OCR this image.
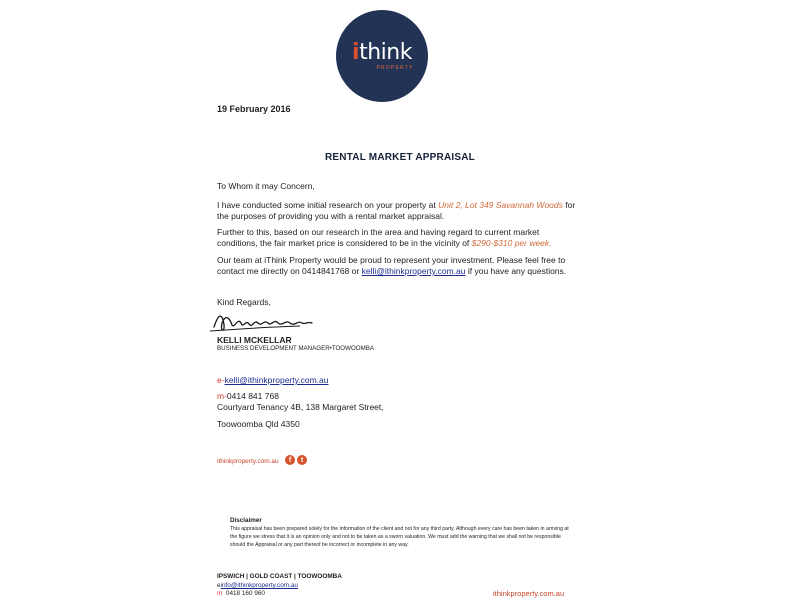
ithink
PROPERTY
19 February 2016
RENTAL MARKET APPRAISAL
To Whom it may Concern,
I have conducted some initial research on your property at Unit 2, Lot 349 Savannah Woods for the purposes of providing you with a rental market appraisal.
Further to this, based on our research in the area and having regard to current market conditions, the fair market price is considered to be in the vicinity of $290-$310 per week.
Our team at iThink Property would be proud to represent your investment. Please feel free to contact me directly on 0414841768 or kelli@ithinkproperty.com.au if you have any questions.
Kind Regards,
KELLI MCKELLAR
BUSINESS DEVELOPMENT MANAGER•TOOWOOMBA
e-kelli@ithinkproperty.com.au
m-0414 841 768
Courtyard Tenancy 4B, 138 Margaret Street,
Toowoomba Qld 4350
ithinkproperty.com.au	f	t
Disclaimer
This appraisal has been prepared solely for the information of the client and not for any third party. Although every care has been taken in arriving at the figure we stress that it is an opinion only and not to be taken as a sworn valuation. We must add the warning that we shall not be responsible should the Appraisal or any part thereof be incorrect or incomplete in any way.
IPSWICH | GOLD COAST | TOOWOOMBA
einfo@ithinkproperty.com.au
m 0418 160 960	ithinkproperty.com.au
